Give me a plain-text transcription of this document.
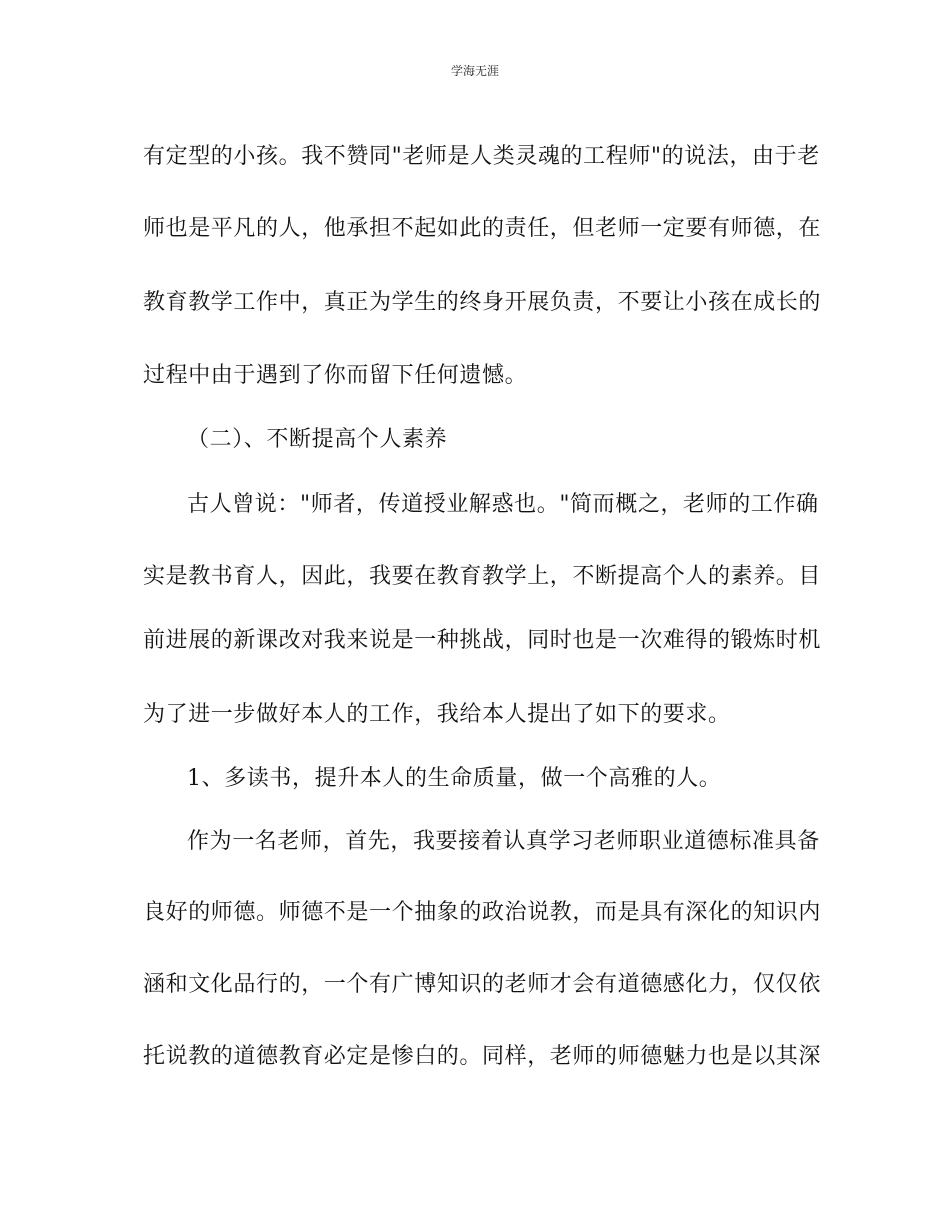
学海无涯
有定型的小孩。我不赞同"老师是人类灵魂的工程师"的说法，由于老
师也是平凡的人，他承担不起如此的责任，但老师一定要有师德，在
教育教学工作中，真正为学生的终身开展负责，不要让小孩在成长的
过程中由于遇到了你而留下任何遗憾。
（二）、不断提高个人素养
古人曾说："师者，传道授业解惑也。"简而概之，老师的工作确
实是教书育人，因此，我要在教育教学上，不断提高个人的素养。目
前进展的新课改对我来说是一种挑战，同时也是一次难得的锻炼时机
为了进一步做好本人的工作，我给本人提出了如下的要求。
1、多读书，提升本人的生命质量，做一个高雅的人。
作为一名老师，首先，我要接着认真学习老师职业道德标准具备
良好的师德。师德不是一个抽象的政治说教，而是具有深化的知识内
涵和文化品行的，一个有广博知识的老师才会有道德感化力，仅仅依
托说教的道德教育必定是惨白的。同样，老师的师德魅力也是以其深
